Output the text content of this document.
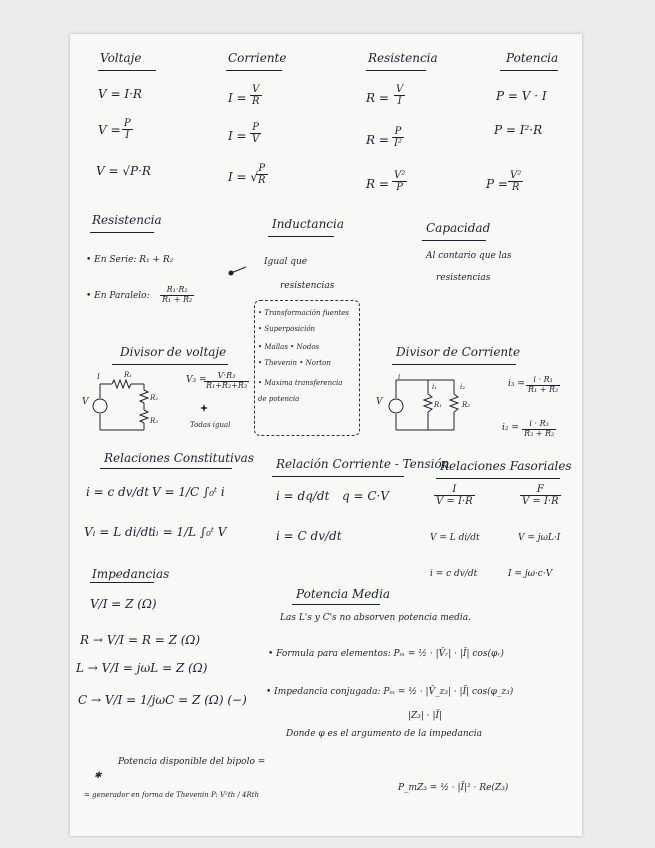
Voltaje
V = I·R
$V = \frac{P}{I}$
V = √P·R
Corriente
$I = \frac{V}{R}$
$I = \frac{P}{V}$
I = √
$\frac{P}{R}$
Resistencia
$R = \frac{V}{I}$
$R = \frac{P}{\text{I²}}$
$R = \frac{\text{V²}}{P}$
Potencia
P = V · I
P = I²·R
$P = \frac{\text{V²}}{R}$
Resistencia
• En Serie: R₁ + R₂
• En Paralelo: $\frac{\text{R₁·R₂}}{\text{R₁ + R₂}}$
Inductancia
Igual que
resistencias
Capacidad
Al contario que las
resistencias
• Transformación fuentes
• Superposición
• Mallas • Nodos
• Thevenin • Norton
• Maxima transferencia
de potencia
Divisor de voltaje
I	R₁
R₂
R₃
V
V₃ =
$\frac{\text{V·R₃}}{\text{R₁+R₂+R₃}}$
Todas igual
Divisor de Corriente
i
i₁	i₂
R₁	R₂
V
$i_3 = \frac{\text{i · R₁}}{\text{R₁ + R₂}}$
$i_2 = \frac{\text{i · R₃}}{\text{R₃ + R₂}}$
Relaciones Constitutivas
i = c dv/dt V = 1/C ∫₀ᵗ i
Vₗ = L di/dt
iₗ = 1/L ∫₀ᵗ V
Relación Corriente - Tensión
i = dq/dt q = C·V
i = C dv/dt
Relaciones Fasoriales
$\frac{I}{V = I\cdot R}$	$\frac{F}{V = I\cdot R}$
V = L di/dt	V = jωL·I
i = c dv/dt	I = jω·c·V
Impedancias
V/I = Z (Ω)
R → V/I = R = Z (Ω)
L → V/I = jωL = Z (Ω)
C → V/I = 1/jωC = Z (Ω) (−)
Potencia Media
Las L's y C's no absorven potencia media.
• Formula para elementos: Pₘ = ½ · |V̄ᵣ| · |Ī| cos(φᵣ)
• Impedancia conjugada: Pₘ = ½ · |V̄_z₃| · |Ī| cos(φ_z₃)
|Z₃| · |Ī|
Donde φ es el argumento de la impedancia
Potencia disponible del bipolo =
= generador en forma de Thevenin P: V²th / 4Rth
P_mZ₃ = ½ · |Ī|² · Re(Z₃)
✱
